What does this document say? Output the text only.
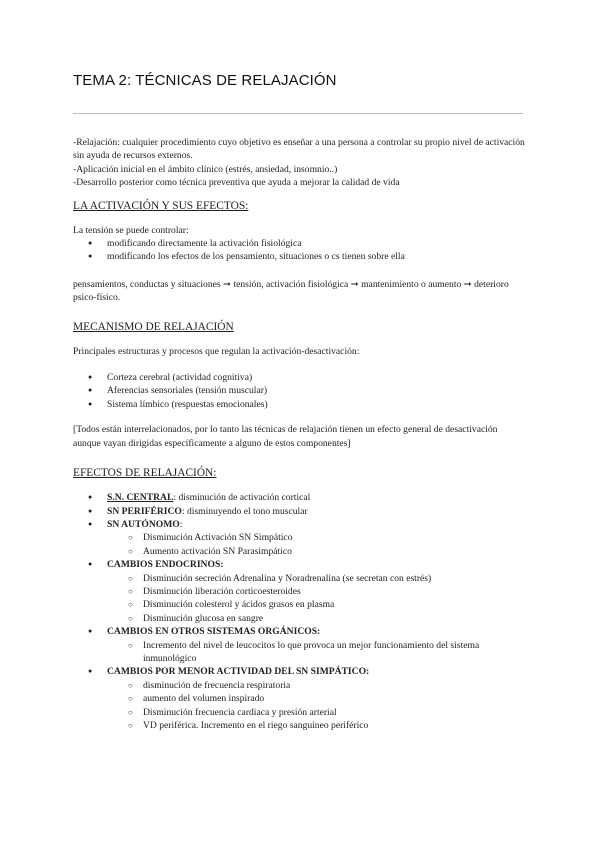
TEMA 2: TÉCNICAS DE RELAJACIÓN

-Relajación: cualquier procedimiento cuyo objetivo es enseñar a una persona a controlar su propio nivel de activación sin ayuda de recursos externos.

-Aplicación inicial en el ámbito clínico (estrés, ansiedad, insomnio..)

-Desarrollo posterior como técnica preventiva que ayuda a mejorar la calidad de vida

LA ACTIVACIÓN Y SUS EFECTOS:

La tensión se puede controlar:

● modificando directamente la activación fisiológica
● modificando los efectos de los pensamiento, situaciones o cs tienen sobre ella

pensamientos, conductas y situaciones ➞ tensión, activación fisiológica ➞ mantenimiento o aumento ➞ deterioro psico-físico.

MECANISMO DE RELAJACIÓN

Principales estructuras y procesos que regulan la activación-desactivación:

● Corteza cerebral (actividad cognitiva)
● Aferencias sensoriales (tensión muscular)
● Sistema límbico (respuestas emocionales)

[Todos están interrelacionados, por lo tanto las técnicas de relajación tienen un efecto general de desactivación aunque vayan dirigidas específicamente a alguno de estos componentes]

EFECTOS DE RELAJACIÓN:

● S.N. CENTRAL: disminución de activación cortical
● SN PERIFÉRICO: disminuyendo el tono muscular
● SN AUTÓNOMO:
○ Disminución Activación SN Simpático
○ Aumento activación SN Parasimpático
● CAMBIOS ENDOCRINOS:
○ Disminución secreción Adrenalina y Noradrenalina (se secretan con estrés)
○ Disminución liberación corticoesteroides
○ Disminución colesterol y ácidos grasos en plasma
○ Disminución glucosa en sangre
● CAMBIOS EN OTROS SISTEMAS ORGÁNICOS:
○ Incremento del nivel de leucocitos lo que provoca un mejor funcionamiento del sistema inmunológico
● CAMBIOS POR MENOR ACTIVIDAD DEL SN SIMPÁTICO:
○ disminución de frecuencia respiratoria
○ aumento del volumen inspirado
○ Disminución frecuencia cardiaca y presión arterial
○ VD periférica. Incremento en el riego sanguíneo periférico
